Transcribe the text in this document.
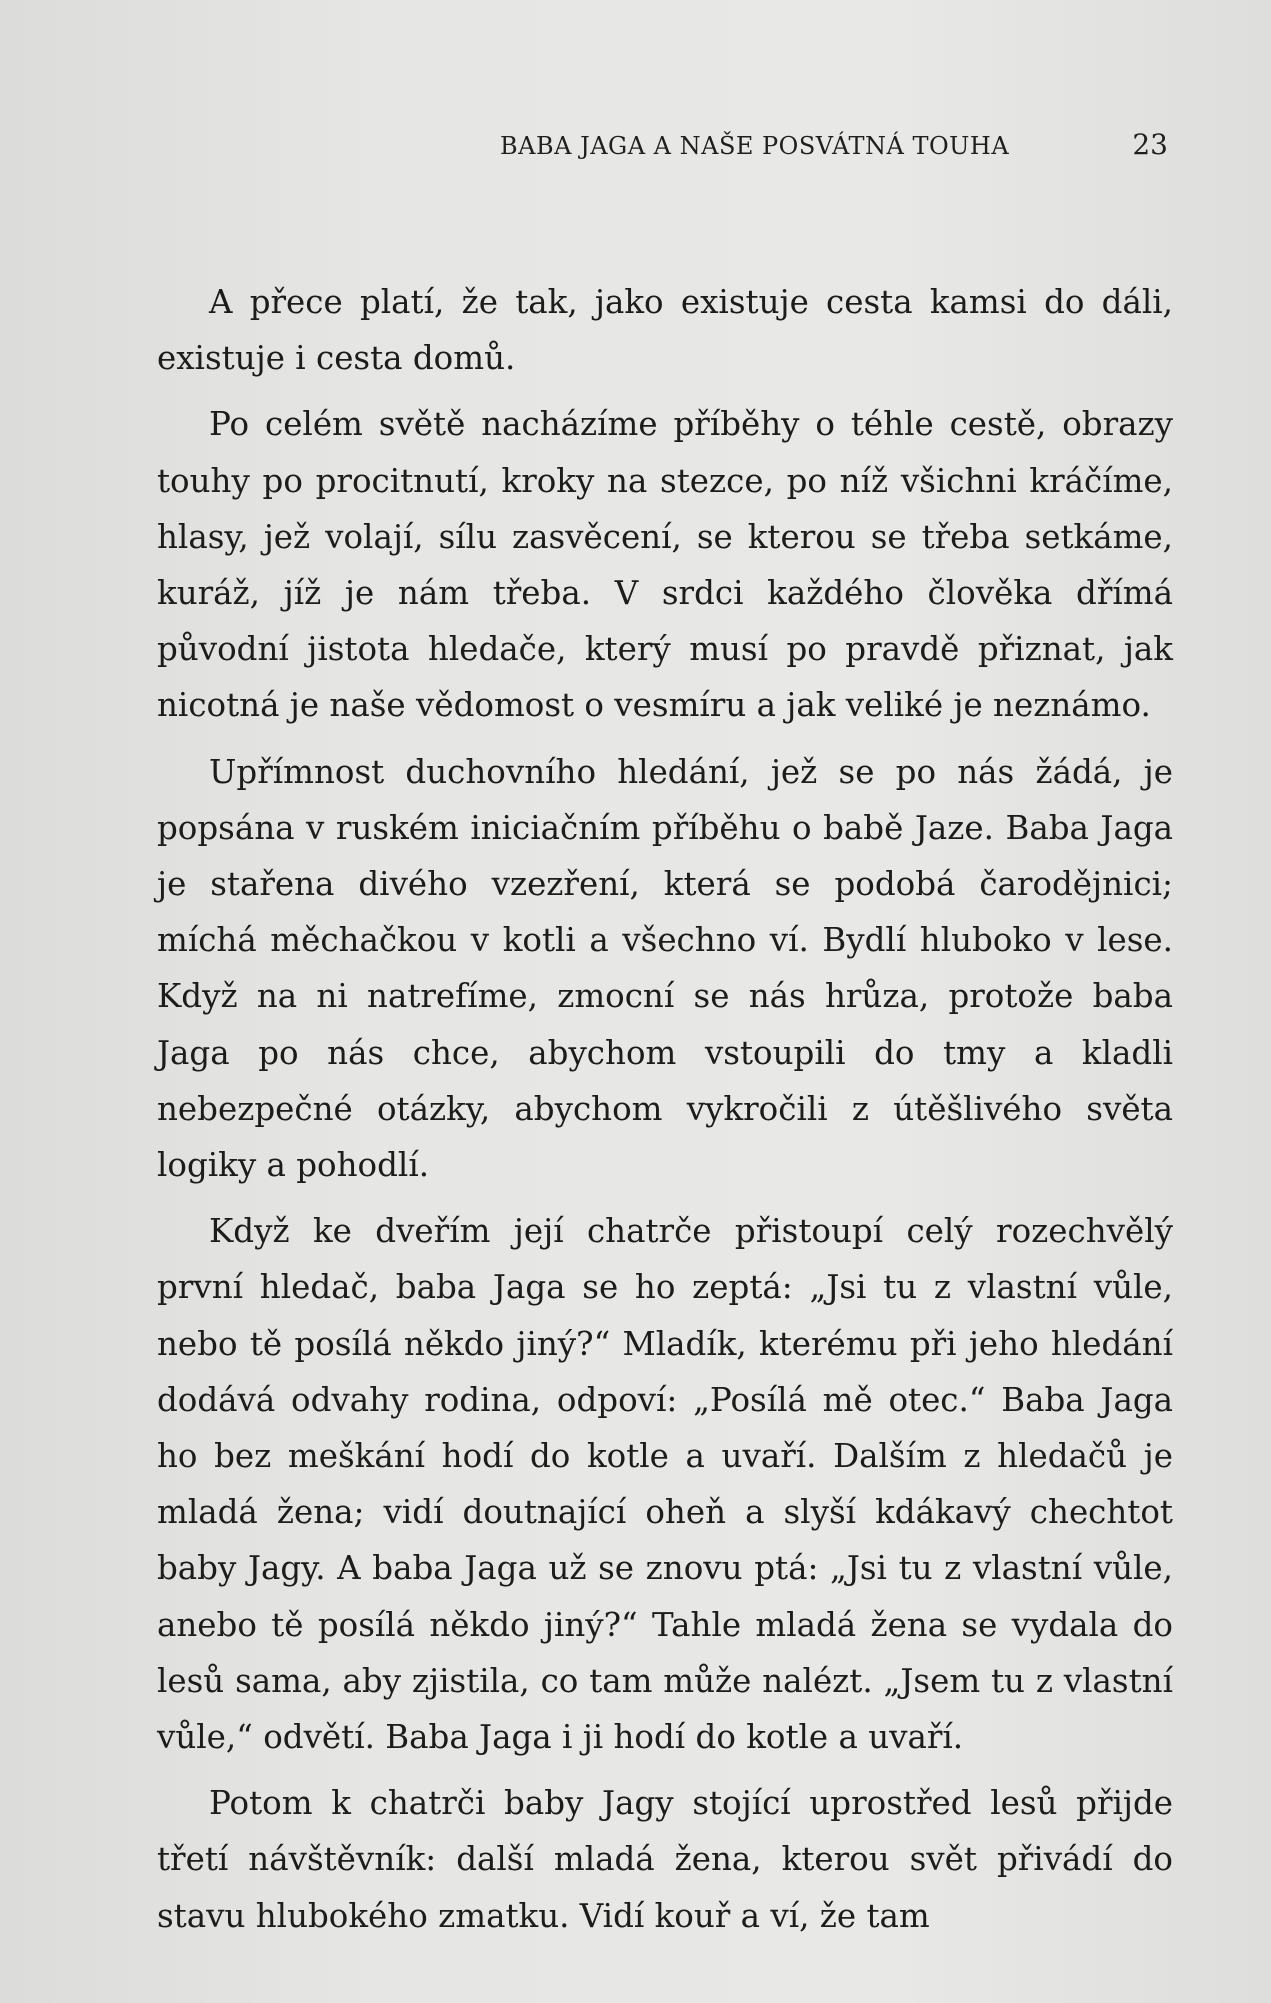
BABA JAGA A NAŠE POSVÁTNÁ TOUHA	23

A přece platí, že tak, jako existuje cesta kamsi do dáli, existuje i cesta domů.

Po celém světě nacházíme příběhy o téhle cestě, obrazy touhy po procitnutí, kroky na stezce, po níž všichni kráčíme, hlasy, jež volají, sílu zasvěcení, se kterou se třeba setkáme, kuráž, jíž je nám třeba. V srdci každého člověka dřímá původní jistota hledače, který musí po pravdě přiznat, jak nicotná je naše vědomost o vesmíru a jak veliké je neznámo.

Upřímnost duchovního hledání, jež se po nás žádá, je popsána v ruském iniciačním příběhu o babě Jaze. Baba Jaga je stařena divého vzezření, která se podobá čarodějnici; míchá měchačkou v kotli a všechno ví. Bydlí hluboko v lese. Když na ni natrefíme, zmocní se nás hrůza, protože baba Jaga po nás chce, abychom vstoupili do tmy a kladli nebezpečné otázky, abychom vykročili z útěšlivého světa logiky a pohodlí.

Když ke dveřím její chatrče přistoupí celý rozechvělý první hledač, baba Jaga se ho zeptá: „Jsi tu z vlastní vůle, nebo tě posílá někdo jiný?“ Mladík, kterému při jeho hledání dodává odvahy rodina, odpoví: „Posílá mě otec.“ Baba Jaga ho bez meškání hodí do kotle a uvaří. Dalším z hledačů je mladá žena; vidí doutnající oheň a slyší kdákavý chechtot baby Jagy. A baba Jaga už se znovu ptá: „Jsi tu z vlastní vůle, anebo tě posílá někdo jiný?“ Tahle mladá žena se vydala do lesů sama, aby zjistila, co tam může nalézt. „Jsem tu z vlastní vůle,“ odvětí. Baba Jaga i ji hodí do kotle a uvaří.

Potom k chatrči baby Jagy stojící uprostřed lesů přijde třetí návštěvník: další mladá žena, kterou svět přivádí do stavu hlubokého zmatku. Vidí kouř a ví, že tam
